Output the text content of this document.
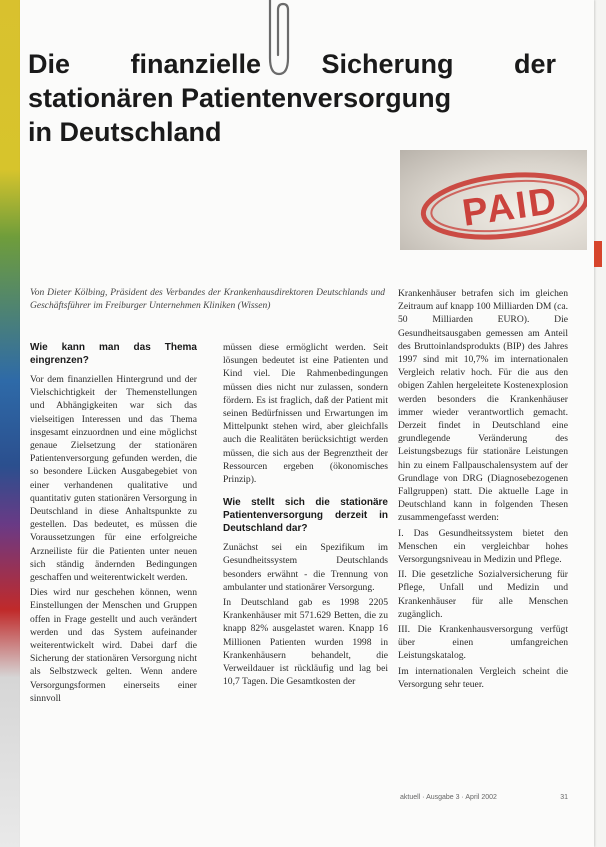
Die finanzielle Sicherung der
stationären Patientenversorgung
in Deutschland
PAID
Von Dieter Kölbing, Präsident des Verbandes der Krankenhausdirektoren Deutschlands und Geschäftsführer im Freiburger Unternehmen Kliniken (Wissen)
Wie kann man das Thema eingrenzen?

Vor dem finanziellen Hintergrund und der Vielschichtigkeit der Themenstellungen und Abhängigkeiten war sich das vielseitigen Interessen und das Thema insgesamt einzuordnen und eine möglichst genaue Zielsetzung der stationären Patientenversorgung gefunden werden, die so besondere Lücken Ausgabegebiet von einer verhandenen qualitative und quantitativ guten stationären Versorgung in Deutschland in diese Anhaltspunkte zu gestellen. Das bedeutet, es müssen die Voraussetzungen für eine erfolgreiche Arzneiliste für die Patienten unter neuen sich ständig ändernden Bedingungen geschaffen und weiterentwickelt werden.

Dies wird nur geschehen können, wenn Einstellungen der Menschen und Gruppen offen in Frage gestellt und auch verändert werden und das System aufeinander weiterentwickelt wird. Dabei darf die Sicherung der stationären Versorgung nicht als Selbstzweck gelten. Wenn andere Versorgungsformen einerseits einer sinnvoll

müssen diese ermöglicht werden. Seit lösungen bedeutet ist eine Patienten und Kind viel. Die Rahmenbedingungen müssen dies nicht nur zulassen, sondern fördern. Es ist fraglich, daß der Patient mit seinen Bedürfnissen und Erwartungen im Mittelpunkt stehen wird, aber gleichfalls auch die Realitäten berücksichtigt werden müssen, die sich aus der Begrenztheit der Ressourcen ergeben (ökonomisches Prinzip).

Wie stellt sich die stationäre Patientenversorgung derzeit in Deutschland dar?

Zunächst sei ein Spezifikum im Gesundheitssystem Deutschlands besonders erwähnt - die Trennung von ambulanter und stationärer Versorgung.

In Deutschland gab es 1998 2205 Krankenhäuser mit 571.629 Betten, die zu knapp 82% ausgelastet waren. Knapp 16 Millionen Patienten wurden 1998 in Krankenhäusern behandelt, die Verweildauer ist rückläufig und lag bei 10,7 Tagen. Die Gesamtkosten der

Krankenhäuser betrafen sich im gleichen Zeitraum auf knapp 100 Milliarden DM (ca. 50 Milliarden EURO). Die Gesundheitsausgaben gemessen am Anteil des Bruttoinlandsprodukts (BIP) des Jahres 1997 sind mit 10,7% im internationalen Vergleich relativ hoch. Für die aus den obigen Zahlen hergeleitete Kostenexplosion werden besonders die Krankenhäuser immer wieder verantwortlich gemacht. Derzeit findet in Deutschland eine grundlegende Veränderung des Leistungsbezugs für stationäre Leistungen hin zu einem Fallpauschalensystem auf der Grundlage von DRG (Diagnosebezogenen Fallgruppen) statt. Die aktuelle Lage in Deutschland kann in folgenden Thesen zusammengefasst werden:

I. Das Gesundheitssystem bietet den Menschen ein vergleichbar hohes Versorgungsniveau in Medizin und Pflege.

II. Die gesetzliche Sozialversicherung für Pflege, Unfall und Medizin und Krankenhäuser für alle Menschen zugänglich.

III. Die Krankenhausversorgung verfügt über einen umfangreichen Leistungskatalog.

Im internationalen Vergleich scheint die Versorgung sehr teuer.

aktuell · Ausgabe 3 · April 2002	31
